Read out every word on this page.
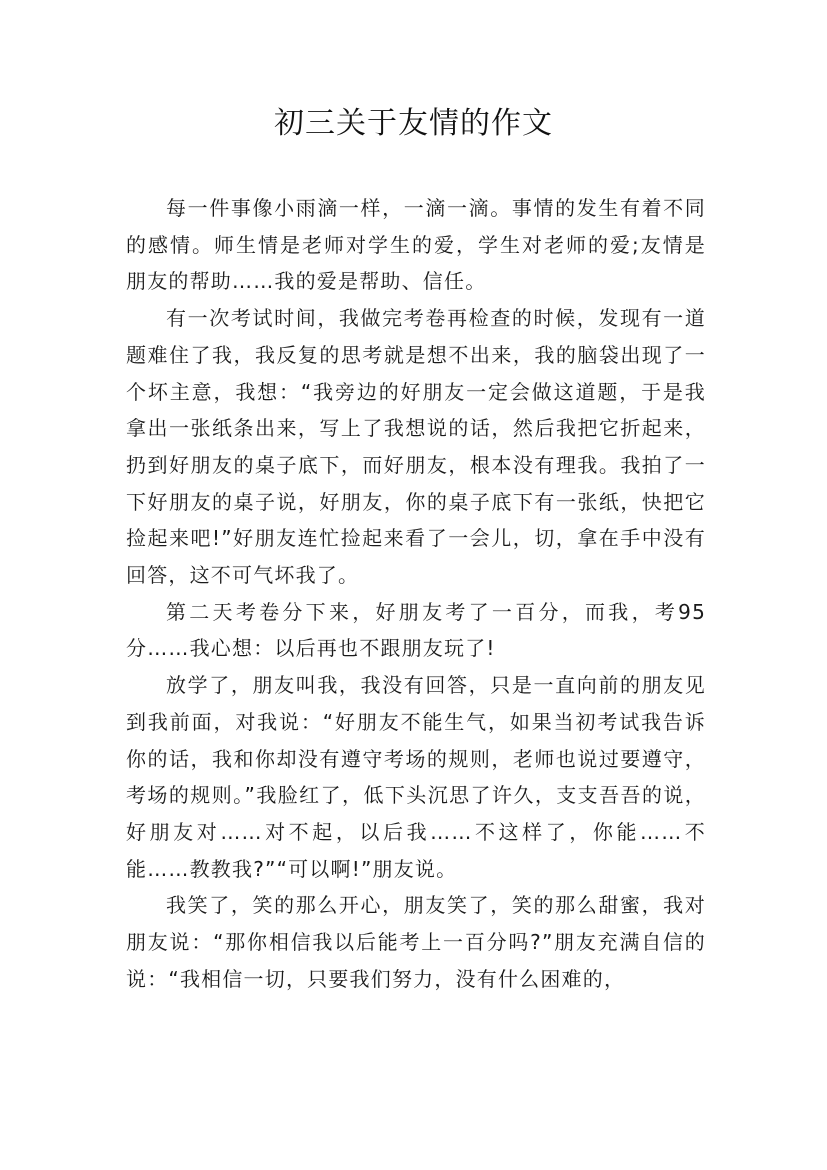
初三关于友情的作文

每一件事像小雨滴一样，一滴一滴。事情的发生有着不同的感情。师生情是老师对学生的爱，学生对老师的爱;友情是朋友的帮助……我的爱是帮助、信任。

有一次考试时间，我做完考卷再检查的时候，发现有一道题难住了我，我反复的思考就是想不出来，我的脑袋出现了一个坏主意，我想：“我旁边的好朋友一定会做这道题，于是我拿出一张纸条出来，写上了我想说的话，然后我把它折起来，扔到好朋友的桌子底下，而好朋友，根本没有理我。我拍了一下好朋友的桌子说，好朋友，你的桌子底下有一张纸，快把它捡起来吧!”好朋友连忙捡起来看了一会儿，切，拿在手中没有回答，这不可气坏我了。

第二天考卷分下来，好朋友考了一百分，而我，考95分……我心想：以后再也不跟朋友玩了!

放学了，朋友叫我，我没有回答，只是一直向前的朋友见到我前面，对我说：“好朋友不能生气，如果当初考试我告诉你的话，我和你却没有遵守考场的规则，老师也说过要遵守，考场的规则。”我脸红了，低下头沉思了许久，支支吾吾的说，好朋友对……对不起，以后我……不这样了，你能……不能……教教我?”“可以啊!”朋友说。

我笑了，笑的那么开心，朋友笑了，笑的那么甜蜜，我对朋友说：“那你相信我以后能考上一百分吗?”朋友充满自信的说：“我相信一切，只要我们努力，没有什么困难的，
